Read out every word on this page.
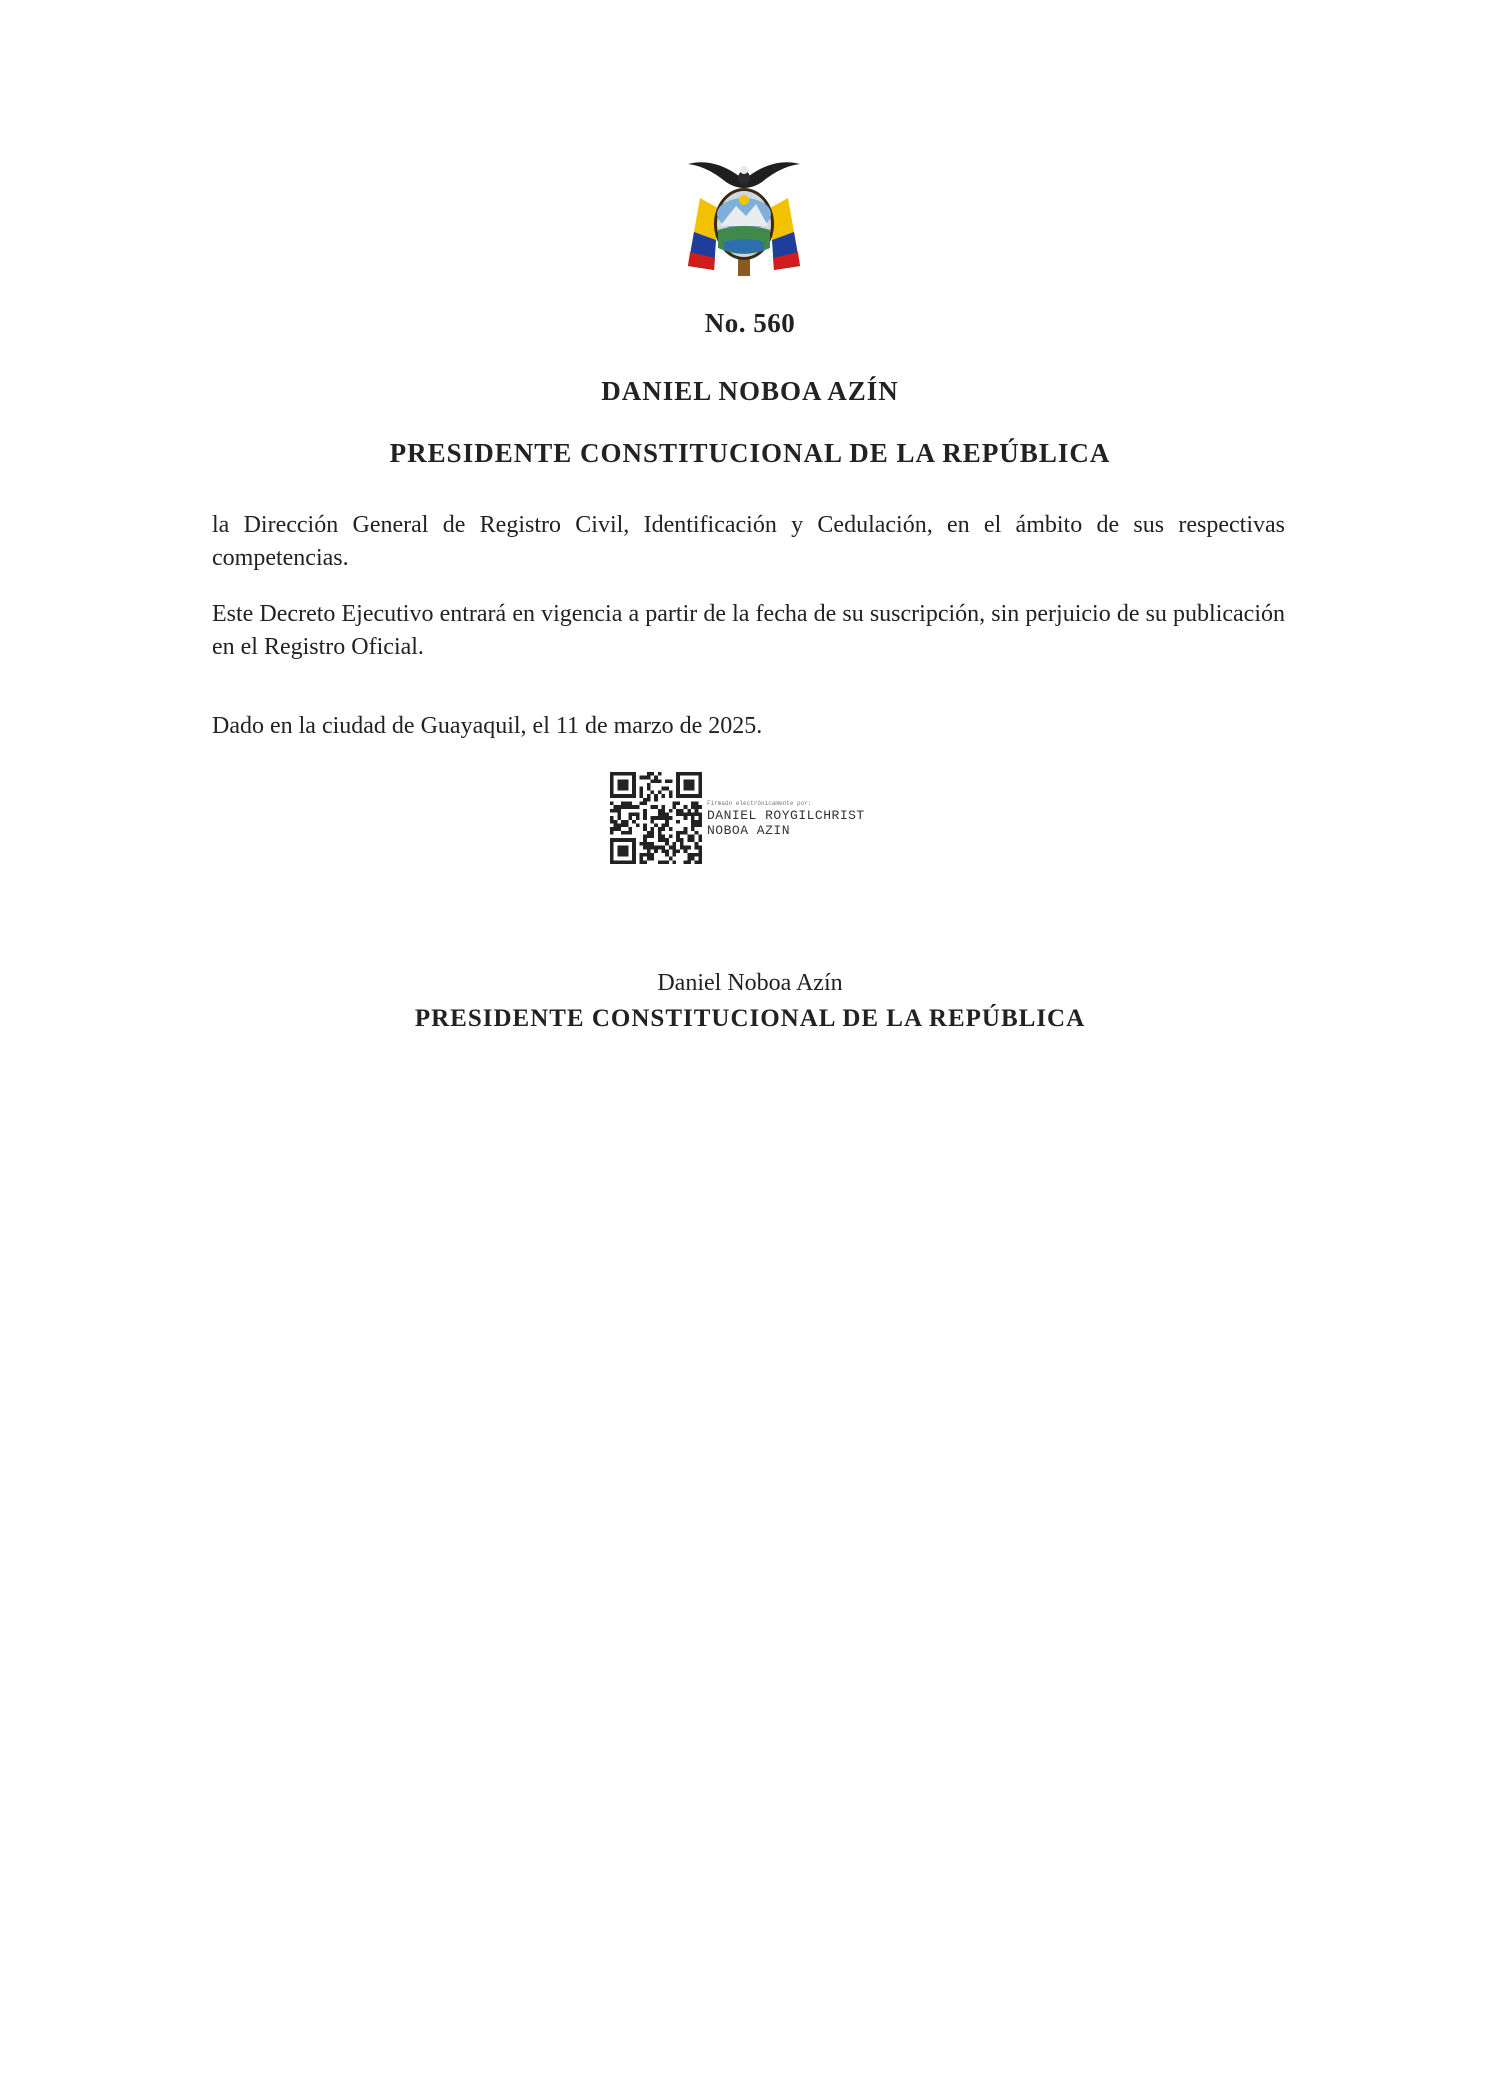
No. 560
DANIEL NOBOA AZÍN
PRESIDENTE CONSTITUCIONAL DE LA REPÚBLICA

la Dirección General de Registro Civil, Identificación y Cedulación, en el ámbito de sus respectivas competencias.

Este Decreto Ejecutivo entrará en vigencia a partir de la fecha de su suscripción, sin perjuicio de su publicación en el Registro Oficial.

Dado en la ciudad de Guayaquil, el 11 de marzo de 2025.

Firmado electrónicamente por:
DANIEL ROYGILCHRIST
NOBOA AZIN

Daniel Noboa Azín

PRESIDENTE CONSTITUCIONAL DE LA REPÚBLICA
